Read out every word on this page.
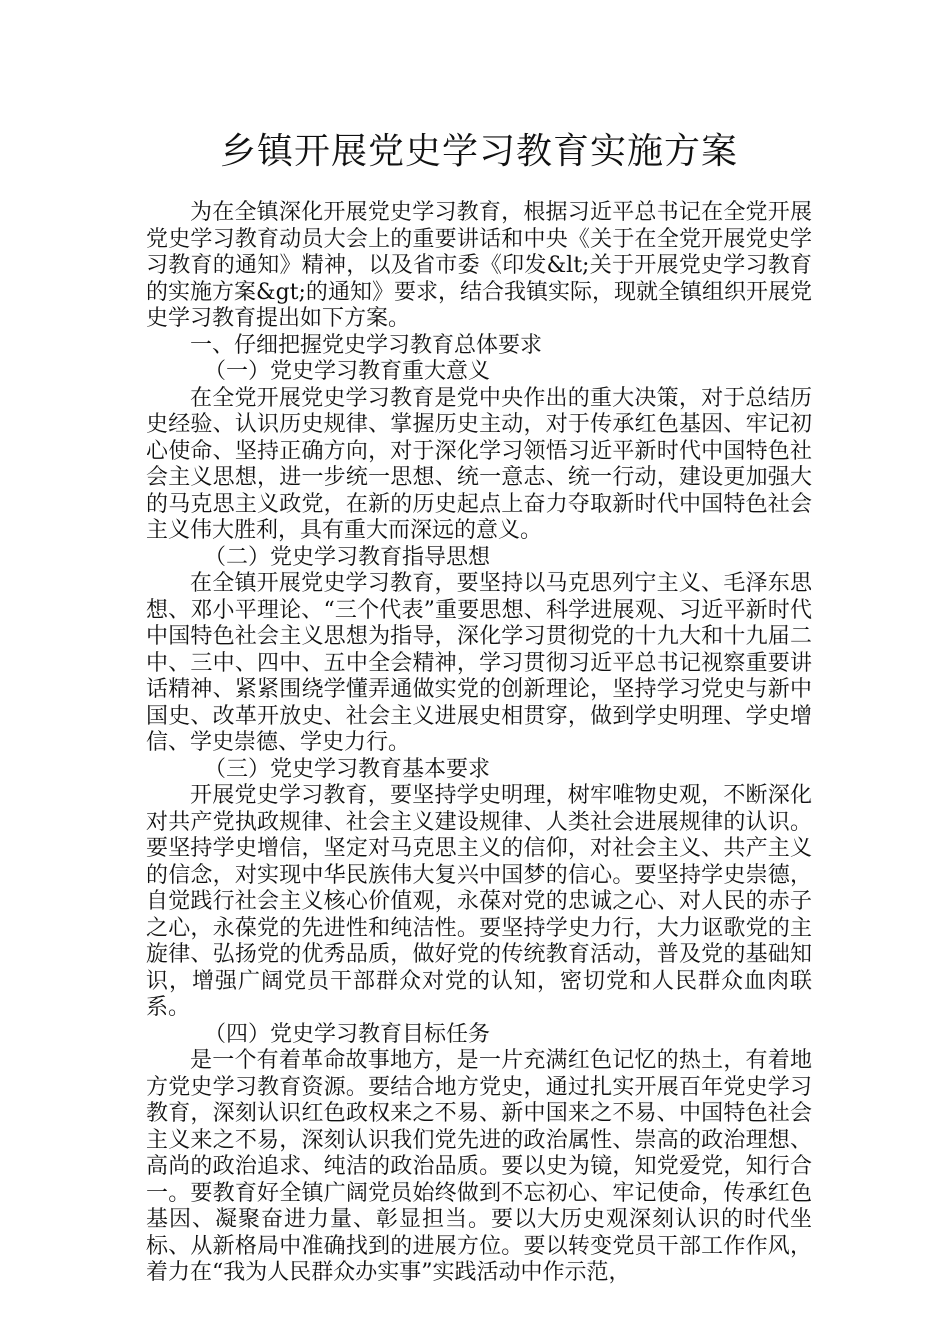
乡镇开展党史学习教育实施方案

为在全镇深化开展党史学习教育，根据习近平总书记在全党开展党史学习教育动员大会上的重要讲话和中央《关于在全党开展党史学习教育的通知》精神，以及省市委《印发&lt;关于开展党史学习教育的实施方案&gt;的通知》要求，结合我镇实际，现就全镇组织开展党史学习教育提出如下方案。

一、仔细把握党史学习教育总体要求

（一）党史学习教育重大意义

在全党开展党史学习教育是党中央作出的重大决策，对于总结历史经验、认识历史规律、掌握历史主动，对于传承红色基因、牢记初心使命、坚持正确方向，对于深化学习领悟习近平新时代中国特色社会主义思想，进一步统一思想、统一意志、统一行动，建设更加强大的马克思主义政党，在新的历史起点上奋力夺取新时代中国特色社会主义伟大胜利，具有重大而深远的意义。

（二）党史学习教育指导思想

在全镇开展党史学习教育，要坚持以马克思列宁主义、毛泽东思想、邓小平理论、“三个代表”重要思想、科学进展观、习近平新时代中国特色社会主义思想为指导，深化学习贯彻党的十九大和十九届二中、三中、四中、五中全会精神，学习贯彻习近平总书记视察重要讲话精神、紧紧围绕学懂弄通做实党的创新理论，坚持学习党史与新中国史、改革开放史、社会主义进展史相贯穿，做到学史明理、学史增信、学史崇德、学史力行。

（三）党史学习教育基本要求

开展党史学习教育，要坚持学史明理，树牢唯物史观，不断深化对共产党执政规律、社会主义建设规律、人类社会进展规律的认识。要坚持学史增信，坚定对马克思主义的信仰，对社会主义、共产主义的信念，对实现中华民族伟大复兴中国梦的信心。要坚持学史崇德，自觉践行社会主义核心价值观，永葆对党的忠诚之心、对人民的赤子之心，永葆党的先进性和纯洁性。要坚持学史力行，大力讴歌党的主旋律、弘扬党的优秀品质，做好党的传统教育活动，普及党的基础知识，增强广阔党员干部群众对党的认知，密切党和人民群众血肉联系。

（四）党史学习教育目标任务

是一个有着革命故事地方，是一片充满红色记忆的热土，有着地方党史学习教育资源。要结合地方党史，通过扎实开展百年党史学习教育，深刻认识红色政权来之不易、新中国来之不易、中国特色社会主义来之不易，深刻认识我们党先进的政治属性、崇高的政治理想、高尚的政治追求、纯洁的政治品质。要以史为镜，知党爱党，知行合一。要教育好全镇广阔党员始终做到不忘初心、牢记使命，传承红色基因、凝聚奋进力量、彰显担当。要以大历史观深刻认识的时代坐标、从新格局中准确找到的进展方位。要以转变党员干部工作作风，着力在“我为人民群众办实事”实践活动中作示范，
